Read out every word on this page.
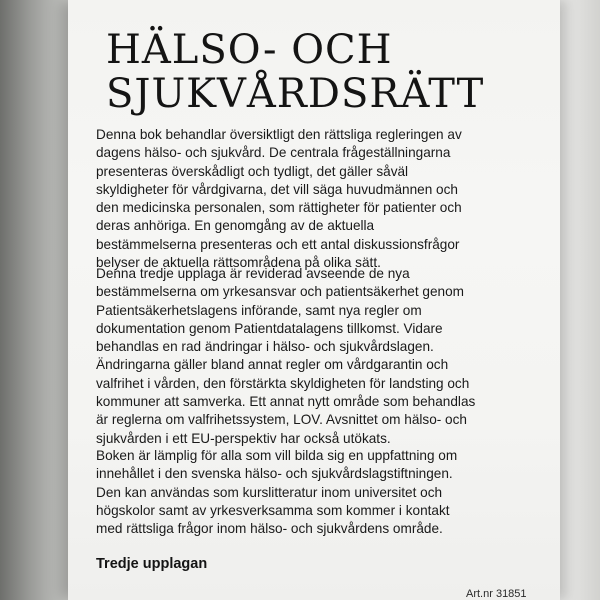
HÄLSO- OCH
SJUKVÅRDSRÄTT

Denna bok behandlar översiktligt den rättsliga regleringen av dagens hälso- och sjukvård. De centrala frågeställningarna presenteras överskådligt och tydligt, det gäller såväl skyldigheter för vårdgivarna, det vill säga huvudmännen och den medicinska personalen, som rättigheter för patienter och deras anhöriga. En genomgång av de aktuella bestämmelserna presenteras och ett antal diskussionsfrågor belyser de aktuella rättsområdena på olika sätt.

Denna tredje upplaga är reviderad avseende de nya bestämmelserna om yrkesansvar och patientsäkerhet genom Patientsäkerhetslagens införande, samt nya regler om dokumentation genom Patientdatalagens tillkomst. Vidare behandlas en rad ändringar i hälso- och sjukvårdslagen. Ändringarna gäller bland annat regler om vårdgarantin och valfrihet i vården, den förstärkta skyldigheten för landsting och kommuner att samverka. Ett annat nytt område som behandlas är reglerna om valfrihetssystem, LOV. Avsnittet om hälso- och sjukvården i ett EU-perspektiv har också utökats.

Boken är lämplig för alla som vill bilda sig en uppfattning om innehållet i den svenska hälso- och sjukvårdslagstiftningen. Den kan användas som kurslitteratur inom universitet och högskolor samt av yrkesverksamma som kommer i kontakt med rättsliga frågor inom hälso- och sjukvårdens område.

Tredje upplagan

Art.nr 31851
